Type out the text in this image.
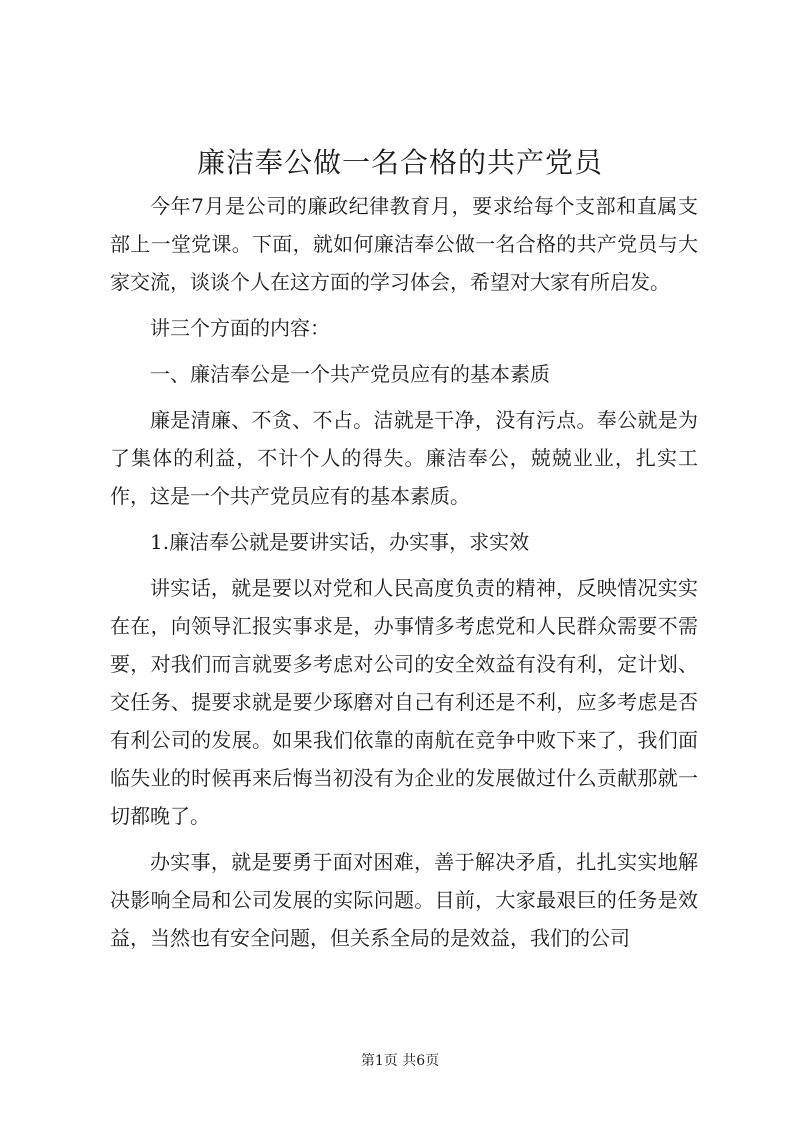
廉洁奉公做一名合格的共产党员

今年7月是公司的廉政纪律教育月，要求给每个支部和直属支部上一堂党课。下面，就如何廉洁奉公做一名合格的共产党员与大家交流，谈谈个人在这方面的学习体会，希望对大家有所启发。

讲三个方面的内容：

一、廉洁奉公是一个共产党员应有的基本素质

廉是清廉、不贪、不占。洁就是干净，没有污点。奉公就是为了集体的利益，不计个人的得失。廉洁奉公，兢兢业业，扎实工作，这是一个共产党员应有的基本素质。

1.廉洁奉公就是要讲实话，办实事，求实效

讲实话，就是要以对党和人民高度负责的精神，反映情况实实在在，向领导汇报实事求是，办事情多考虑党和人民群众需要不需要，对我们而言就要多考虑对公司的安全效益有没有利，定计划、交任务、提要求就是要少琢磨对自己有利还是不利，应多考虑是否有利公司的发展。如果我们依靠的南航在竞争中败下来了，我们面临失业的时候再来后悔当初没有为企业的发展做过什么贡献那就一切都晚了。

办实事，就是要勇于面对困难，善于解决矛盾，扎扎实实地解决影响全局和公司发展的实际问题。目前，大家最艰巨的任务是效益，当然也有安全问题，但关系全局的是效益，我们的公司

第1页 共6页
